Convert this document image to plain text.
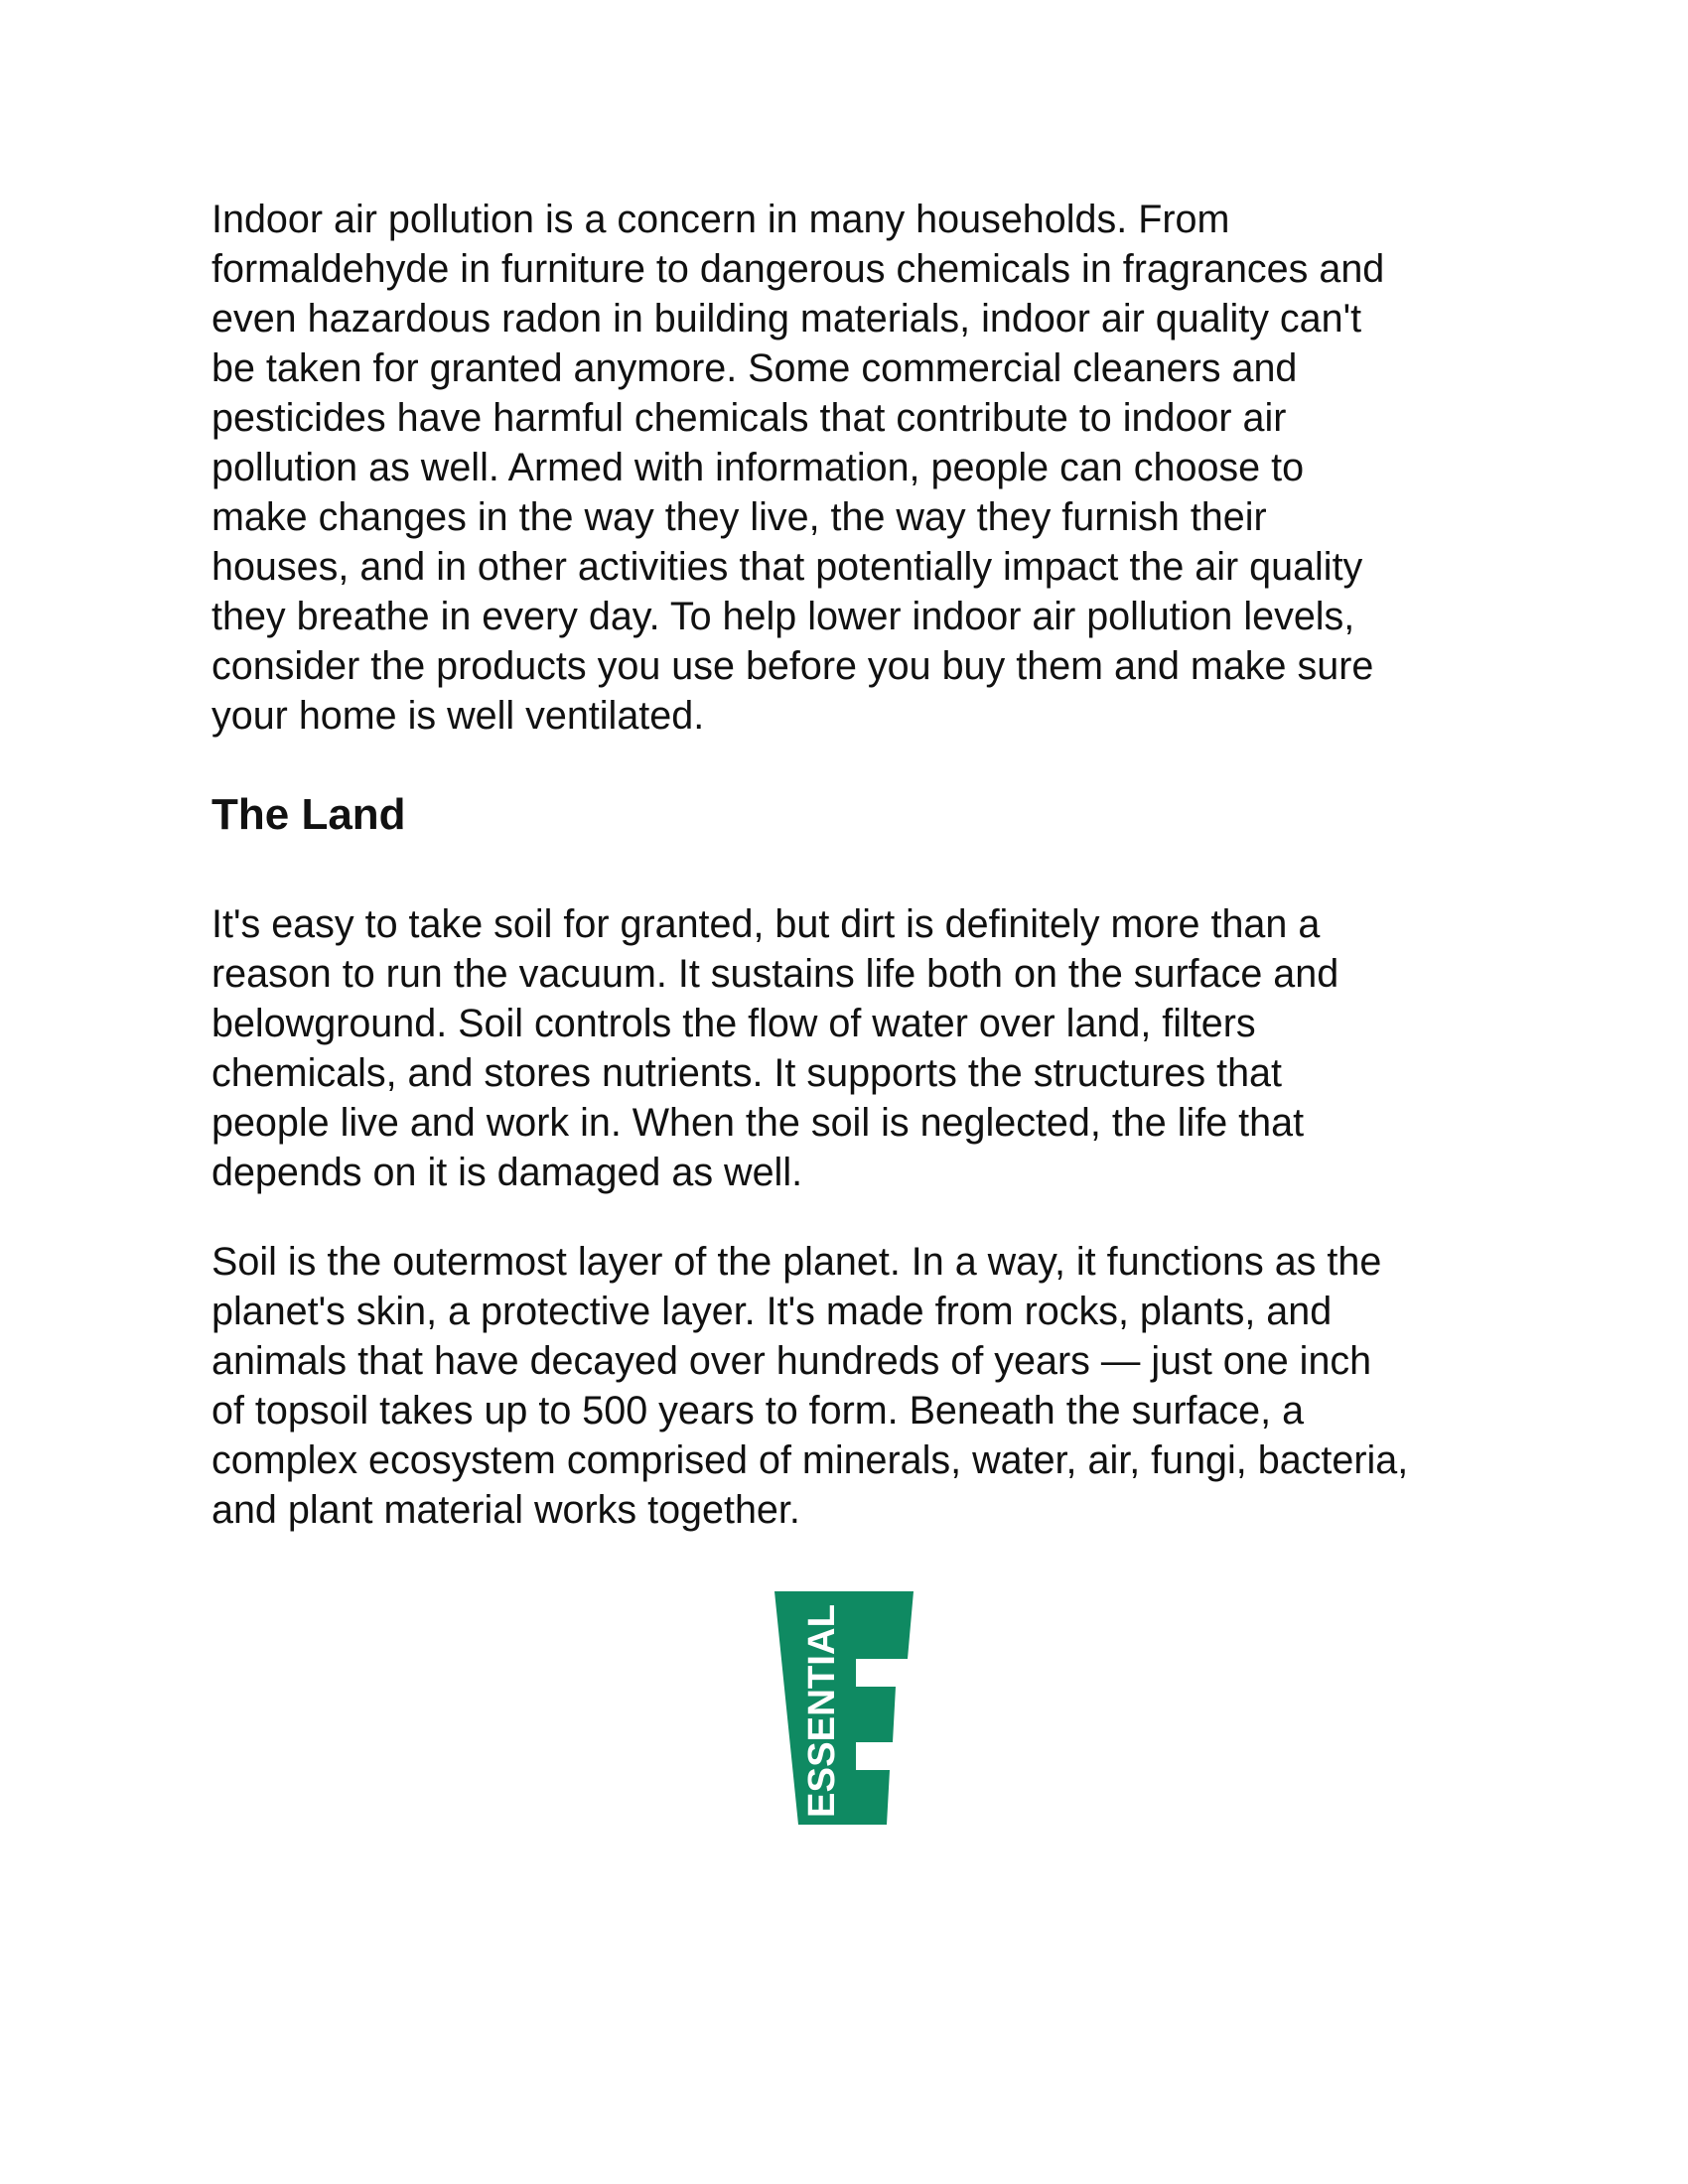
Indoor air pollution is a concern in many households. From
formaldehyde in furniture to dangerous chemicals in fragrances and
even hazardous radon in building materials, indoor air quality can't
be taken for granted anymore. Some commercial cleaners and
pesticides have harmful chemicals that contribute to indoor air
pollution as well. Armed with information, people can choose to
make changes in the way they live, the way they furnish their
houses, and in other activities that potentially impact the air quality
they breathe in every day. To help lower indoor air pollution levels,
consider the products you use before you buy them and make sure
your home is well ventilated.

The Land

It's easy to take soil for granted, but dirt is definitely more than a
reason to run the vacuum. It sustains life both on the surface and
belowground. Soil controls the flow of water over land, filters
chemicals, and stores nutrients. It supports the structures that
people live and work in. When the soil is neglected, the life that
depends on it is damaged as well.

Soil is the outermost layer of the planet. In a way, it functions as the
planet's skin, a protective layer. It's made from rocks, plants, and
animals that have decayed over hundreds of years — just one inch
of topsoil takes up to 500 years to form. Beneath the surface, a
complex ecosystem comprised of minerals, water, air, fungi, bacteria,
and plant material works together.

ESSENTIAL
